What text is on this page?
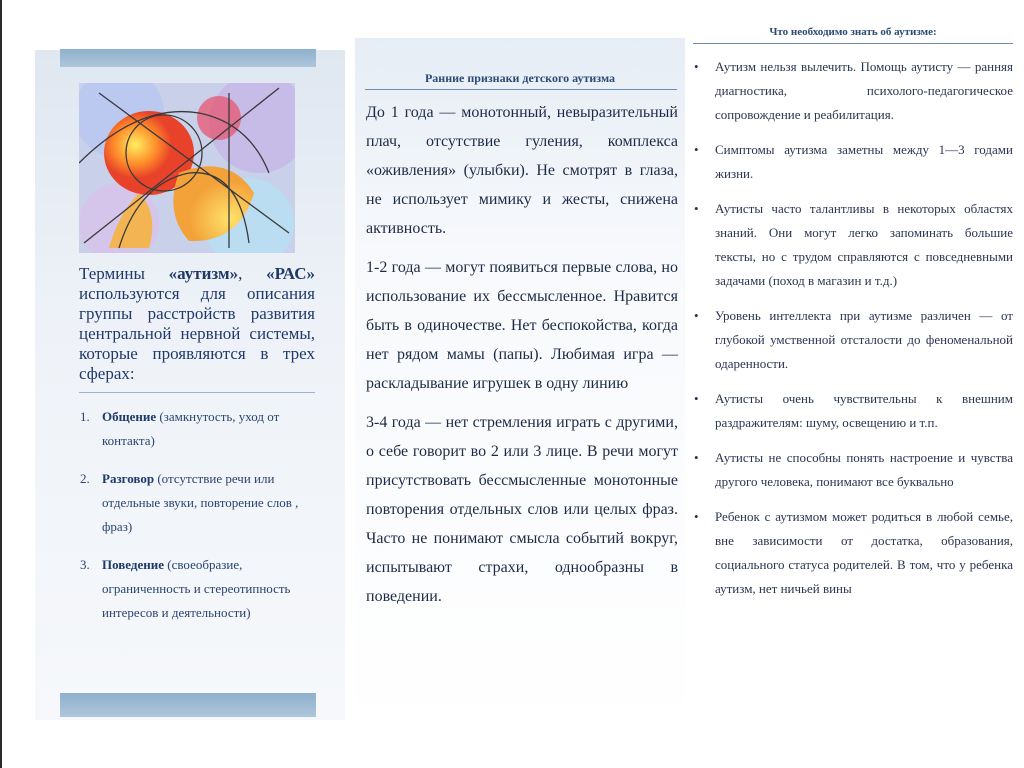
Термины «аутизм», «РАС» используются для описания группы расстройств развития центральной нервной системы, которые проявляются в трех сферах:
1. Общение (замкнутость, уход от контакта)
2. Разговор (отсутствие речи или отдельные звуки, повторение слов , фраз)
3. Поведение (своеобразие, ограниченность и стереотипность интересов и деятельности)
Ранние признаки детского аутизма

До 1 года — монотонный, невыразительный плач, отсутствие гуления, комплекса «оживления» (улыбки). Не смотрят в глаза, не использует мимику и жесты, снижена активность.

1-2 года — могут появиться первые слова, но использование их бессмысленное. Нравится быть в одиночестве. Нет беспокойства, когда нет рядом мамы (папы). Любимая игра — раскладывание игрушек в одну линию

3-4 года — нет стремления играть с другими, о себе говорит во 2 или 3 лице. В речи могут присутствовать бессмысленные монотонные повторения отдельных слов или целых фраз. Часто не понимают смысла событий вокруг, испытывают страхи, однообразны в поведении.

Что необходимо знать об аутизме:
• Аутизм нельзя вылечить. Помощь аутисту — ранняя диагностика, психолого-педагогическое сопровождение и реабилитация.
• Симптомы аутизма заметны между 1—3 годами жизни.
• Аутисты часто талантливы в некоторых областях знаний. Они могут легко запоминать большие тексты, но с трудом справляются с повседневными задачами (поход в магазин и т.д.)
• Уровень интеллекта при аутизме различен — от глубокой умственной отсталости до феноменальной одаренности.
• Аутисты очень чувствительны к внешним раздражителям: шуму, освещению и т.п.
• Аутисты не способны понять настроение и чувства другого человека, понимают все буквально
• Ребенок с аутизмом может родиться в любой семье, вне зависимости от достатка, образования, социального статуса родителей. В том, что у ребенка аутизм, нет ничьей вины
